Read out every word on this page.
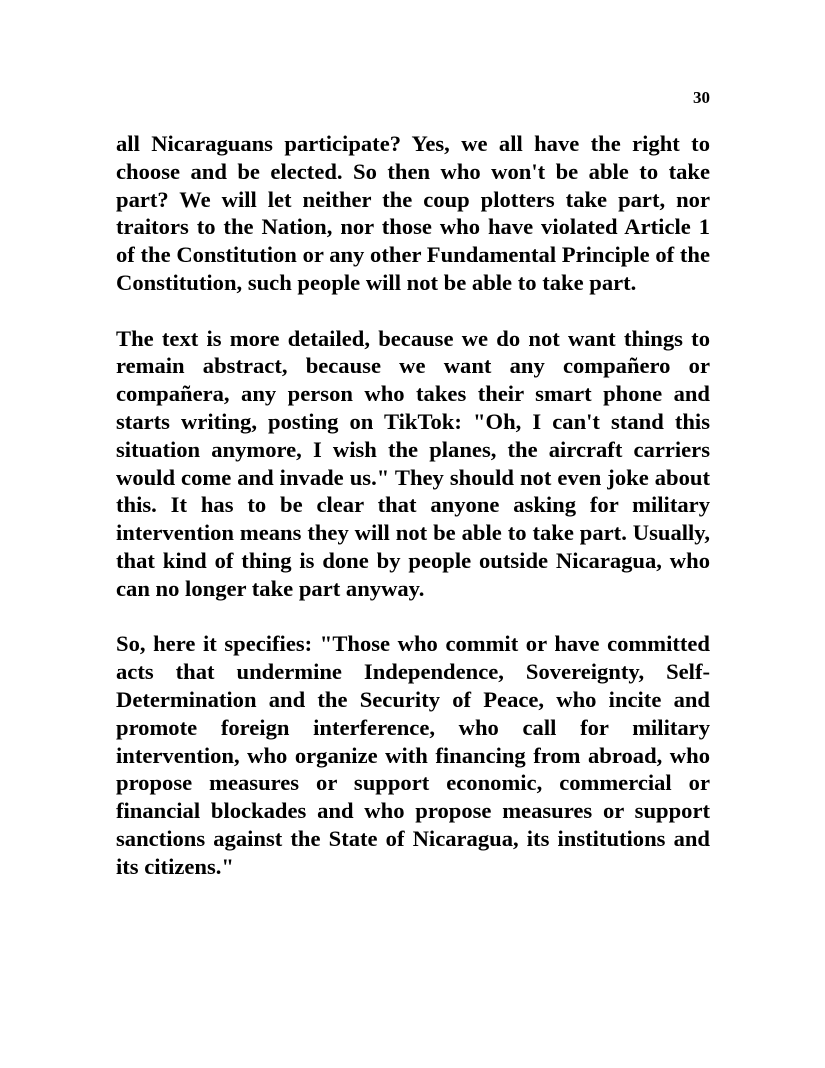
30

all Nicaraguans participate? Yes, we all have the right to choose and be elected. So then who won't be able to take part? We will let neither the coup plotters take part, nor traitors to the Nation, nor those who have violated Article 1 of the Constitution or any other Fundamental Principle of the Constitution, such people will not be able to take part.

The text is more detailed, because we do not want things to remain abstract, because we want any compañero or compañera, any person who takes their smart phone and starts writing, posting on TikTok: "Oh, I can't stand this situation anymore, I wish the planes, the aircraft carriers would come and invade us." They should not even joke about this. It has to be clear that anyone asking for military intervention means they will not be able to take part. Usually, that kind of thing is done by people outside Nicaragua, who can no longer take part anyway.

So, here it specifies: "Those who commit or have committed acts that undermine Independence, Sovereignty, Self-Determination and the Security of Peace, who incite and promote foreign interference, who call for military intervention, who organize with financing from abroad, who propose measures or support economic, commercial or financial blockades and who propose measures or support sanctions against the State of Nicaragua, its institutions and its citizens."
